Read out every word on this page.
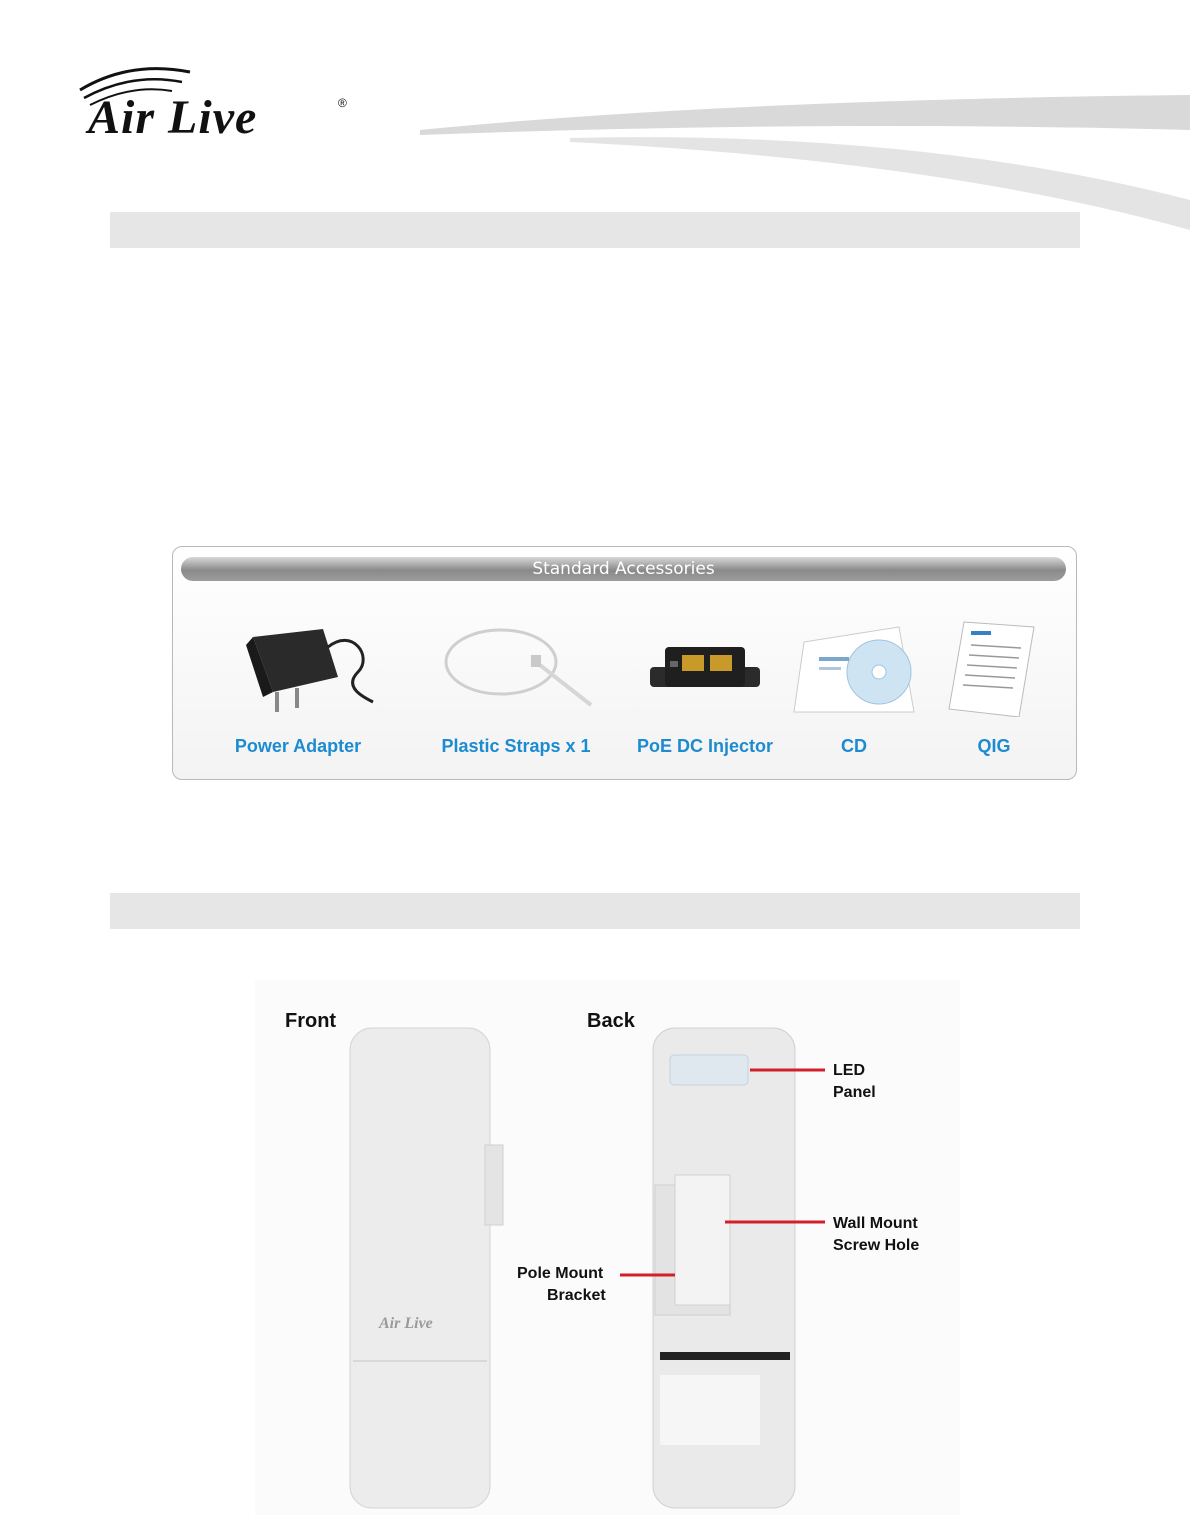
Air Live	®
Standard Accessories
Power Adapter	Plastic Straps x 1	PoE DC Injector	CD	QIG
Front	Back
Air Live
LED
Panel
Wall Mount
Screw Hole
Pole Mount
Bracket
